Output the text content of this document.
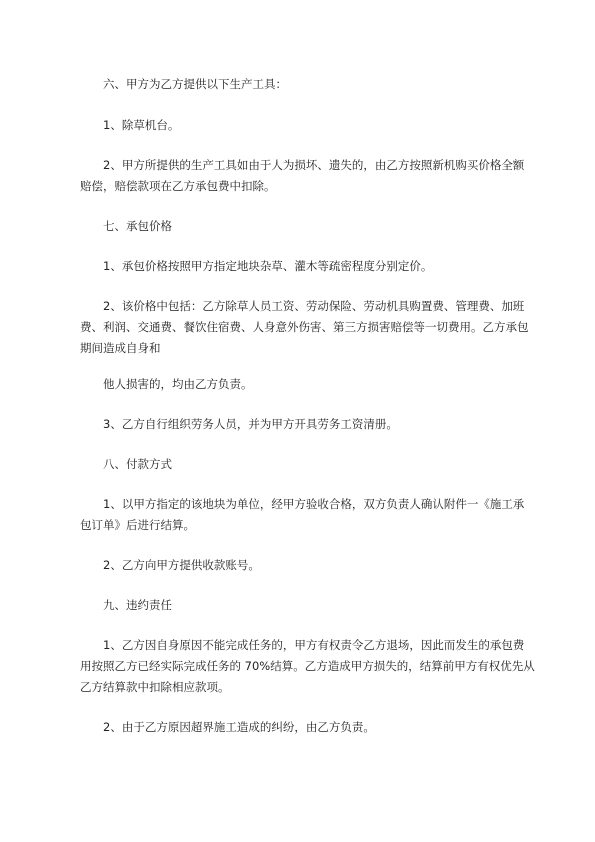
六、甲方为乙方提供以下生产工具：

1、除草机台。

2、甲方所提供的生产工具如由于人为损坏、遗失的，由乙方按照新机购买价格全额赔偿，赔偿款项在乙方承包费中扣除。

七、承包价格

1、承包价格按照甲方指定地块杂草、灌木等疏密程度分别定价。

2、该价格中包括：乙方除草人员工资、劳动保险、劳动机具购置费、管理费、加班费、利润、交通费、餐饮住宿费、人身意外伤害、第三方损害赔偿等一切费用。乙方承包期间造成自身和

他人损害的，均由乙方负责。

3、乙方自行组织劳务人员，并为甲方开具劳务工资清册。

八、付款方式

1、以甲方指定的该地块为单位，经甲方验收合格，双方负责人确认附件一《施工承包订单》后进行结算。

2、乙方向甲方提供收款账号。

九、违约责任

1、乙方因自身原因不能完成任务的，甲方有权责令乙方退场，因此而发生的承包费用按照乙方已经实际完成任务的 70%结算。乙方造成甲方损失的，结算前甲方有权优先从乙方结算款中扣除相应款项。

2、由于乙方原因超界施工造成的纠纷，由乙方负责。
